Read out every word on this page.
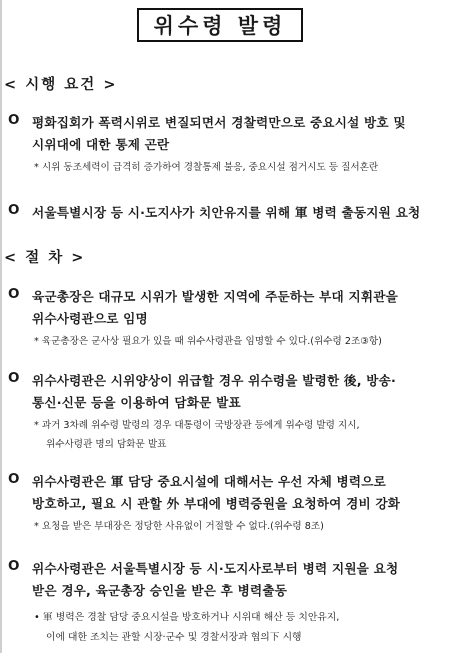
위수령 발령
< 시행 요건 >
O 평화집회가 폭력시위로 변질되면서 경찰력만으로 중요시설 방호 및
시위대에 대한 통제 곤란
* 시위 동조세력이 급격히 증가하여 경찰통제 불응, 중요시설 점거시도 등 질서혼란
O 서울특별시장 등 시·도지사가 치안유지를 위해 軍 병력 출동지원 요청
< 절 차 >
O 육군총장은 대규모 시위가 발생한 지역에 주둔하는 부대 지휘관을
위수사령관으로 임명
* 육군총장은 군사상 필요가 있을 때 위수사령관을 임명할 수 있다.(위수령 2조③항)
O 위수사령관은 시위양상이 위급할 경우 위수령을 발령한 後, 방송·
통신·신문 등을 이용하여 담화문 발표
* 과거 3차례 위수령 발령의 경우 대통령이 국방장관 등에게 위수령 발령 지시,
위수사령관 명의 담화문 발표
O 위수사령관은 軍 담당 중요시설에 대해서는 우선 자체 병력으로
방호하고, 필요 시 관할 外 부대에 병력증원을 요청하여 경비 강화
* 요청을 받은 부대장은 정당한 사유없이 거절할 수 없다.(위수령 8조)
O 위수사령관은 서울특별시장 등 시·도지사로부터 병력 지원을 요청
받은 경우, 육군총장 승인을 받은 후 병력출동
• 軍 병력은 경찰 담당 중요시설을 방호하거나 시위대 해산 등 치안유지,
이에 대한 조치는 관할 시장·군수 및 경찰서장과 협의下 시행
